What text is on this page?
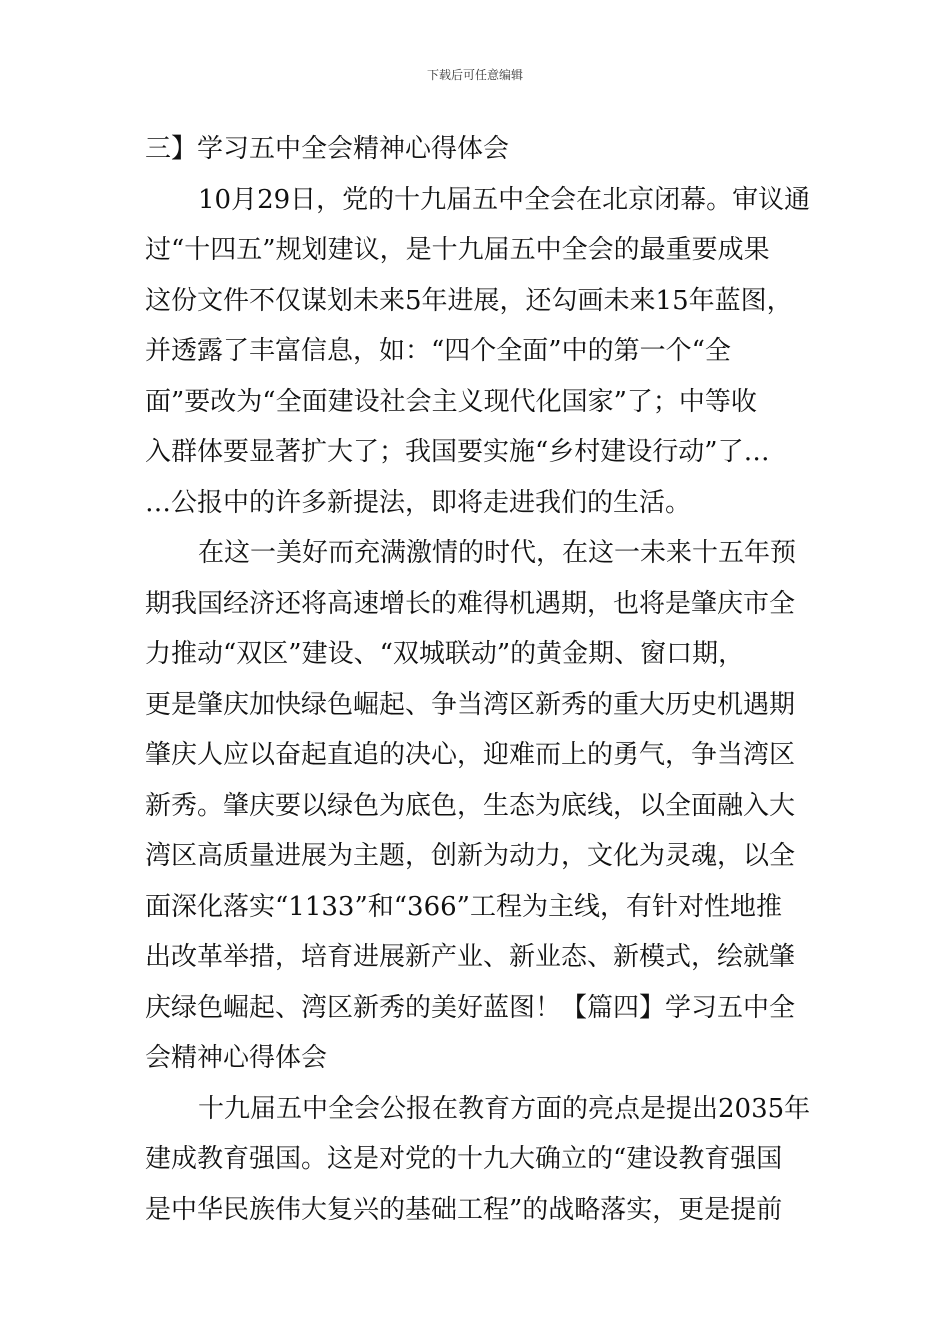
下载后可任意编辑
三】学习五中全会精神心得体会
10月29日，党的十九届五中全会在北京闭幕。审议通
过“十四五”规划建议，是十九届五中全会的最重要成果
这份文件不仅谋划未来5年进展，还勾画未来15年蓝图，
并透露了丰富信息，如：“四个全面”中的第一个“全
面”要改为“全面建设社会主义现代化国家”了；中等收
入群体要显著扩大了；我国要实施“乡村建设行动”了…
…公报中的许多新提法，即将走进我们的生活。
在这一美好而充满激情的时代，在这一未来十五年预
期我国经济还将高速增长的难得机遇期，也将是肇庆市全
力推动“双区”建设、“双城联动”的黄金期、窗口期，
更是肇庆加快绿色崛起、争当湾区新秀的重大历史机遇期
肇庆人应以奋起直追的决心，迎难而上的勇气，争当湾区
新秀。肇庆要以绿色为底色，生态为底线，以全面融入大
湾区高质量进展为主题，创新为动力，文化为灵魂，以全
面深化落实“1133”和“366”工程为主线，有针对性地推
出改革举措，培育进展新产业、新业态、新模式，绘就肇
庆绿色崛起、湾区新秀的美好蓝图！【篇四】学习五中全
会精神心得体会
十九届五中全会公报在教育方面的亮点是提出2035年
建成教育强国。这是对党的十九大确立的“建设教育强国
是中华民族伟大复兴的基础工程”的战略落实，更是提前
